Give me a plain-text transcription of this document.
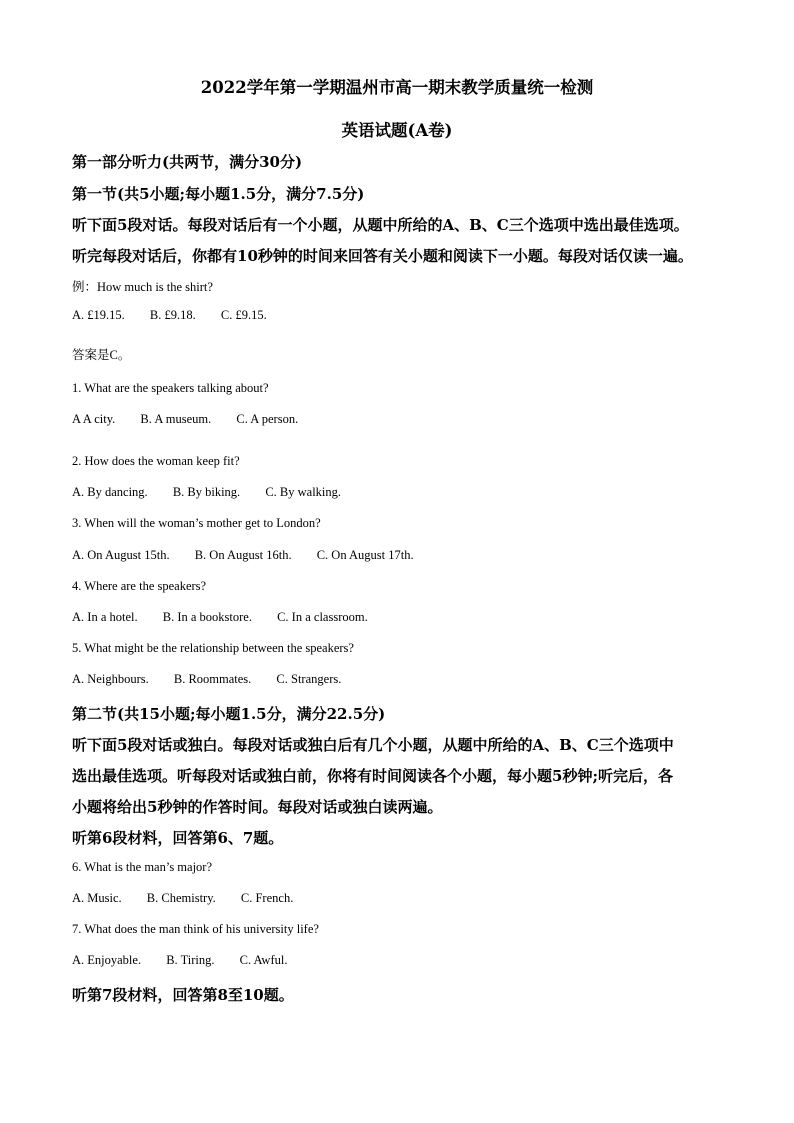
2022学年第一学期温州市高一期末教学质量统一检测
英语试题(A卷)
第一部分听力(共两节，满分30分)
第一节(共5小题;每小题1.5分，满分7.5分)
听下面5段对话。每段对话后有一个小题，从题中所给的A、B、C三个选项中选出最佳选项。
听完每段对话后，你都有10秒钟的时间来回答有关小题和阅读下一小题。每段对话仅读一遍。
例：How much is the shirt?
A. £19.15. B. £9.18. C. £9.15.
答案是C。
1. What are the speakers talking about?
A A city. B. A museum. C. A person.
2. How does the woman keep fit?
A. By dancing. B. By biking. C. By walking.
3. When will the woman’s mother get to London?
A. On August 15th. B. On August 16th. C. On August 17th.
4. Where are the speakers?
A. In a hotel. B. In a bookstore. C. In a classroom.
5. What might be the relationship between the speakers?
A. Neighbours. B. Roommates. C. Strangers.
第二节(共15小题;每小题1.5分，满分22.5分)
听下面5段对话或独白。每段对话或独白后有几个小题，从题中所给的A、B、C三个选项中
选出最佳选项。听每段对话或独白前，你将有时间阅读各个小题，每小题5秒钟;听完后，各
小题将给出5秒钟的作答时间。每段对话或独白读两遍。
听第6段材料，回答第6、7题。
6. What is the man’s major?
A. Music. B. Chemistry. C. French.
7. What does the man think of his university life?
A. Enjoyable. B. Tiring. C. Awful.
听第7段材料，回答第8至10题。
